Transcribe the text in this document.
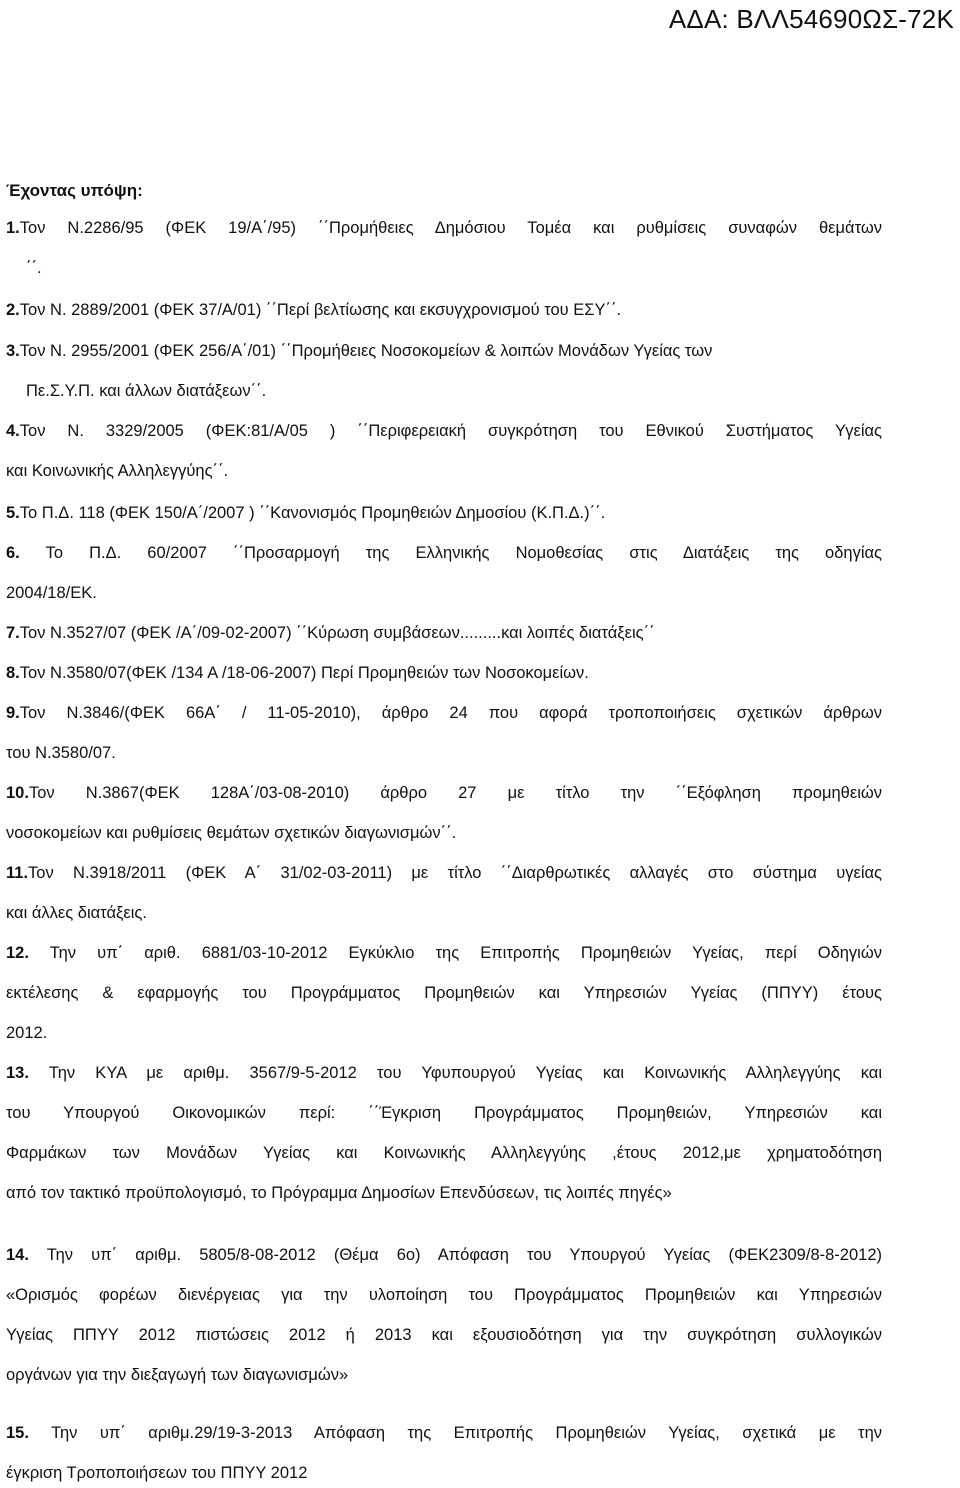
ΑΔΑ: ΒΛΛ54690ΩΣ-72Κ
Έχοντας υπόψη:
1.Τον Ν.2286/95 (ΦΕΚ 19/Α΄/95) ΄΄Προμήθειες Δημόσιου Τομέα και ρυθμίσεις συναφών θεμάτων
΄΄.
2.Τον Ν. 2889/2001 (ΦΕΚ 37/Α/01) ΄΄Περί βελτίωσης και εκσυγχρονισμού του ΕΣΥ΄΄.
3.Τον Ν. 2955/2001 (ΦΕΚ 256/Α΄/01) ΄΄Προμήθειες Νοσοκομείων & λοιπών Μονάδων Υγείας των
Πε.Σ.Υ.Π. και άλλων διατάξεων΄΄.
4.Τον Ν. 3329/2005 (ΦΕΚ:81/Α/05 ) ΄΄Περιφερειακή συγκρότηση του Εθνικού Συστήματος Υγείας
και Κοινωνικής Αλληλεγγύης΄΄.
5.Το Π.Δ. 118 (ΦΕΚ 150/Α΄/2007 ) ΄΄Κανονισμός Προμηθειών Δημοσίου (Κ.Π.Δ.)΄΄.
6. Το Π.Δ. 60/2007 ΄΄Προσαρμογή της Ελληνικής Νομοθεσίας στις Διατάξεις της οδηγίας
2004/18/ΕΚ.
7.Τον Ν.3527/07 (ΦΕΚ /Α΄/09-02-2007) ΄΄Κύρωση συμβάσεων.........και λοιπές διατάξεις΄΄
8.Τον Ν.3580/07(ΦΕΚ /134 Α /18-06-2007) Περί Προμηθειών των Νοσοκομείων.
9.Τον Ν.3846/(ΦΕΚ 66Α΄ / 11-05-2010), άρθρο 24 που αφορά τροποποιήσεις σχετικών άρθρων
του Ν.3580/07.
10.Τον Ν.3867(ΦΕΚ 128Α΄/03-08-2010) άρθρο 27 με τίτλο την ΄΄Εξόφληση προμηθειών
νοσοκομείων και ρυθμίσεις θεμάτων σχετικών διαγωνισμών΄΄.
11.Τον Ν.3918/2011 (ΦΕΚ Α΄ 31/02-03-2011) με τίτλο ΄΄Διαρθρωτικές αλλαγές στο σύστημα υγείας
και άλλες διατάξεις.
12. Την υπ΄ αριθ. 6881/03-10-2012 Εγκύκλιο της Επιτροπής Προμηθειών Υγείας, περί Οδηγιών
εκτέλεσης & εφαρμογής του Προγράμματος Προμηθειών και Υπηρεσιών Υγείας (ΠΠΥΥ) έτους
2012.
13. Την ΚΥΑ με αριθμ. 3567/9-5-2012 του Υφυπουργού Υγείας και Κοινωνικής Αλληλεγγύης και
του Υπουργού Οικονομικών περί: ΄΄Έγκριση Προγράμματος Προμηθειών, Υπηρεσιών και
Φαρμάκων των Μονάδων Υγείας και Κοινωνικής Αλληλεγγύης ,έτους 2012,με χρηματοδότηση
από τον τακτικό προϋπολογισμό, το Πρόγραμμα Δημοσίων Επενδύσεων, τις λοιπές πηγές»
14. Την υπ΄ αριθμ. 5805/8-08-2012 (Θέμα 6ο) Απόφαση του Υπουργού Υγείας (ΦΕΚ2309/8-8-2012)
«Ορισμός φορέων διενέργειας για την υλοποίηση του Προγράμματος Προμηθειών και Υπηρεσιών
Υγείας ΠΠΥΥ 2012 πιστώσεις 2012 ή 2013 και εξουσιοδότηση για την συγκρότηση συλλογικών
οργάνων για την διεξαγωγή των διαγωνισμών»
15. Την υπ΄ αριθμ.29/19-3-2013 Απόφαση της Επιτροπής Προμηθειών Υγείας, σχετικά με την
έγκριση Τροποποιήσεων του ΠΠΥΥ 2012
